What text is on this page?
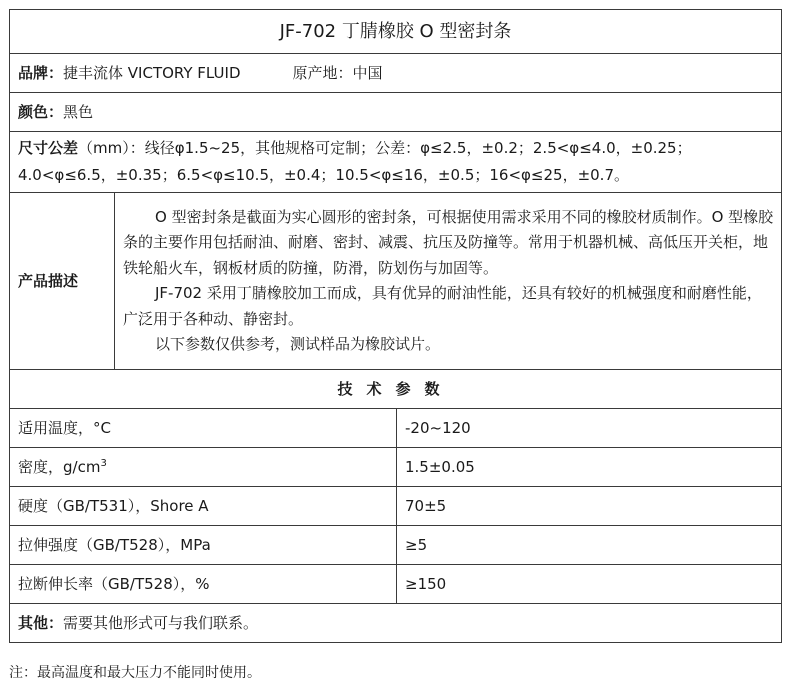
JF-702 丁腈橡胶 O 型密封条		
品牌：捷丰流体 VICTORY FLUID 原产地：中国		
颜色：黑色		
尺寸公差（mm）：线径φ1.5~25，其他规格可定制；公差：φ≤2.5，±0.2；2.5<φ≤4.0，±0.25；4.0<φ≤6.5，±0.35；6.5<φ≤10.5，±0.4；10.5<φ≤16，±0.5；16<φ≤25，±0.7。		
产品描述	O 型密封条是截面为实心圆形的密封条，可根据使用需求采用不同的橡胶材质制作。O 型橡胶条的主要作用包括耐油、耐磨、密封、减震、抗压及防撞等。常用于机器机械、高低压开关柜，地铁轮船火车，钢板材质的防撞，防滑，防划伤与加固等。

JF-702 采用丁腈橡胶加工而成，具有优异的耐油性能，还具有较好的机械强度和耐磨性能，广泛用于各种动、静密封。

以下参数仅供参考，测试样品为橡胶试片。	

技术参数		
适用温度，°C		-20~120
密度，$g/cm^3$		1.5±0.05
硬度（GB/T531），Shore A		70±5
拉伸强度（GB/T528），MPa		≥5
拉断伸长率（GB/T528），%		≥150
其他：需要其他形式可与我们联系。		
注：最高温度和最大压力不能同时使用。
